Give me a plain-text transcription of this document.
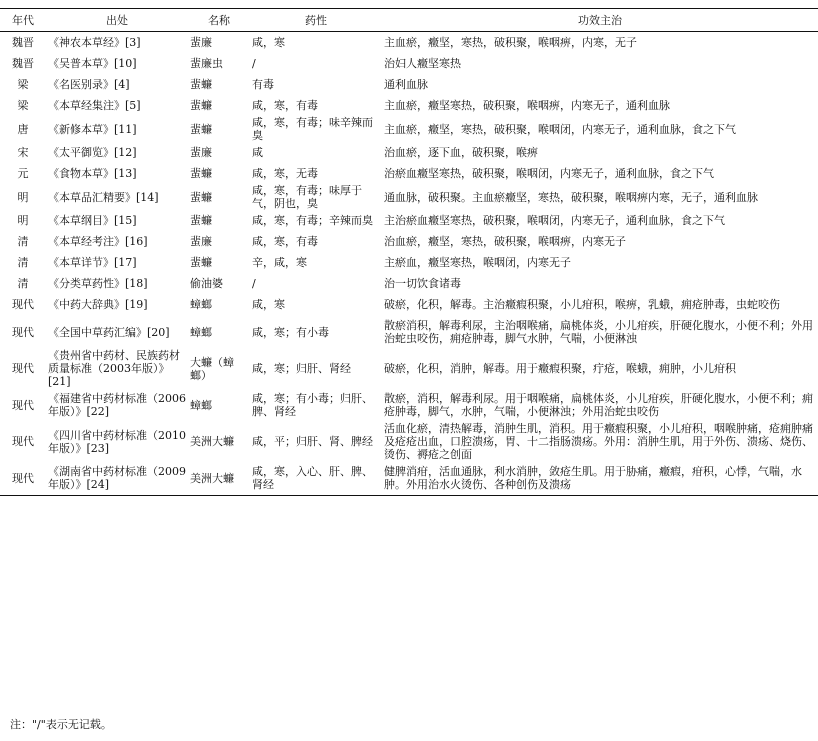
年代	出处	名称	药性	功效主治
魏晋	《神农本草经》[3]	蜚廉	咸，寒	主血瘀，癥坚，寒热，破积聚，喉咽痹，内寒，无子
魏晋	《吴普本草》[10]	蜚廉虫	/	治妇人癥坚寒热
梁	《名医别录》[4]	蜚蠊	有毒	通利血脉
梁	《本草经集注》[5]	蜚蠊	咸，寒，有毒	主血瘀，癥坚寒热，破积聚，喉咽痹，内寒无子，通利血脉
唐	《新修本草》[11]	蜚蠊	咸，寒，有毒；味辛辣而臭	主血瘀，癥坚，寒热，破积聚，喉咽闭，内寒无子，通利血脉，食之下气
宋	《太平御览》[12]	蜚廉	咸	治血瘀，逐下血，破积聚，喉痹
元	《食物本草》[13]	蜚蠊	咸，寒，无毒	治瘀血癥坚寒热，破积聚，喉咽闭，内寒无子，通利血脉，食之下气
明	《本草品汇精要》[14]	蜚蠊	咸，寒，有毒；味厚于气，阴也，臭	通血脉，破积聚。主血瘀癥坚，寒热，破积聚，喉咽痹内寒，无子，通利血脉
明	《本草纲目》[15]	蜚蠊	咸，寒，有毒；辛辣而臭	主治瘀血癥坚寒热，破积聚，喉咽闭，内寒无子，通利血脉，食之下气
清	《本草经考注》[16]	蜚廉	咸，寒，有毒	治血瘀，癥坚，寒热，破积聚，喉咽痹，内寒无子
清	《本草详节》[17]	蜚蠊	辛，咸，寒	主瘀血，癥坚寒热，喉咽闭，内寒无子
清	《分类草药性》[18]	偷油婆	/	治一切饮食诸毒
现代	《中药大辞典》[19]	蟑螂	咸，寒	破瘀，化积，解毒。主治癥瘕积聚，小儿疳积，喉痹，乳蛾，痈疮肿毒，虫蛇咬伤
现代	《全国中草药汇编》[20]	蟑螂	咸，寒；有小毒	散瘀消积，解毒利尿，主治咽喉痛，扁桃体炎，小儿疳疾，肝硬化腹水，小便不利；外用治蛇虫咬伤，痈疮肿毒，脚气水肿，气喘，小便淋浊
现代	《贵州省中药材、民族药材质量标准（2003年版）》[21]	大蠊（蟑螂）	咸，寒；归肝、肾经	破瘀，化积，消肿，解毒。用于癥瘕积聚，疔疮，喉蛾，痈肿，小儿疳积
现代	《福建省中药材标准（2006年版）》[22]	蟑螂	咸，寒；有小毒；归肝、脾、肾经	散瘀，消积，解毒利尿。用于咽喉痛，扁桃体炎，小儿疳疾，肝硬化腹水，小便不利；痈疮肿毒，脚气，水肿，气喘，小便淋浊；外用治蛇虫咬伤
现代	《四川省中药材标准（2010年版）》[23]	美洲大蠊	咸，平；归肝、肾、脾经	活血化瘀，清热解毒，消肿生肌，消积。用于癥瘕积聚，小儿疳积，咽喉肿痛，疮痈肿痛及疮疮出血，口腔溃疡，胃、十二指肠溃疡。外用：消肿生肌，用于外伤、溃疡、烧伤、烫伤、褥疮之创面
现代	《湖南省中药材标准（2009年版）》[24]	美洲大蠊	咸，寒，入心、肝、脾、肾经	健脾消疳，活血通脉，利水消肿，敛疮生肌。用于胁痛，癥瘕，疳积，心悸，气喘，水肿。外用治水火烫伤、各种创伤及溃疡
注："/"表示无记载。
